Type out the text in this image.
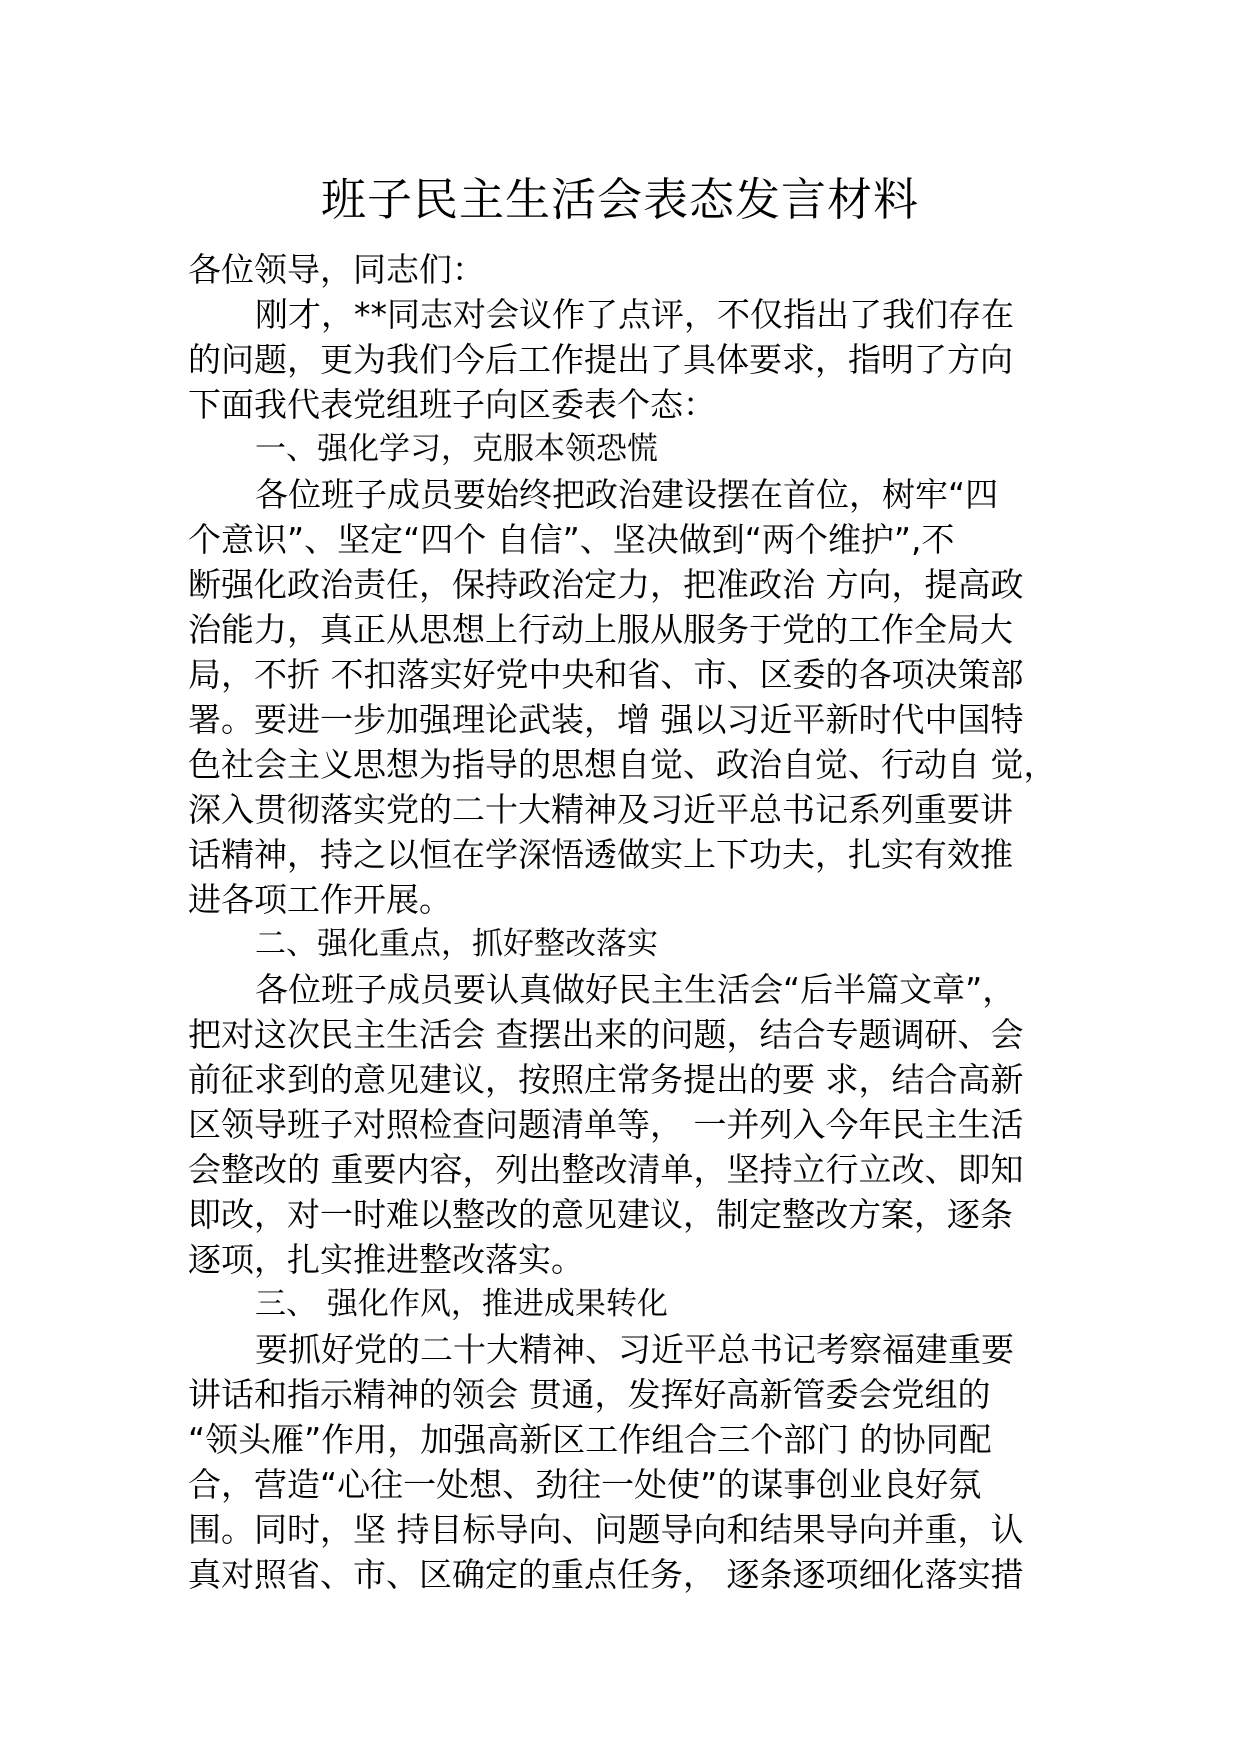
班子民主生活会表态发言材料
各位领导，同志们：
刚才，**同志对会议作了点评，不仅指出了我们存在
的问题，更为我们今后工作提出了具体要求，指明了方向
下面我代表党组班子向区委表个态：
一、强化学习，克服本领恐慌
各位班子成员要始终把政治建设摆在首位，树牢“四
个意识”、坚定“四个 自信”、坚决做到“两个维护”,不
断强化政治责任，保持政治定力，把准政治 方向，提高政
治能力，真正从思想上行动上服从服务于党的工作全局大
局，不折 不扣落实好党中央和省、市、区委的各项决策部
署。要进一步加强理论武装，增 强以习近平新时代中国特
色社会主义思想为指导的思想自觉、政治自觉、行动自 觉，
深入贯彻落实党的二十大精神及习近平总书记系列重要讲
话精神，持之以恒在学深悟透做实上下功夫，扎实有效推
进各项工作开展。
二、强化重点，抓好整改落实
各位班子成员要认真做好民主生活会“后半篇文章”，
把对这次民主生活会 查摆出来的问题，结合专题调研、会
前征求到的意见建议，按照庄常务提出的要 求，结合高新
区领导班子对照检查问题清单等， 一并列入今年民主生活
会整改的 重要内容，列出整改清单，坚持立行立改、即知
即改，对一时难以整改的意见建议，制定整改方案，逐条
逐项，扎实推进整改落实。
三、 强化作风，推进成果转化
要抓好党的二十大精神、习近平总书记考察福建重要
讲话和指示精神的领会 贯通，发挥好高新管委会党组的
“领头雁”作用，加强高新区工作组合三个部门 的协同配
合，营造“心往一处想、劲往一处使”的谋事创业良好氛
围。同时，坚 持目标导向、问题导向和结果导向并重，认
真对照省、市、区确定的重点任务， 逐条逐项细化落实措
